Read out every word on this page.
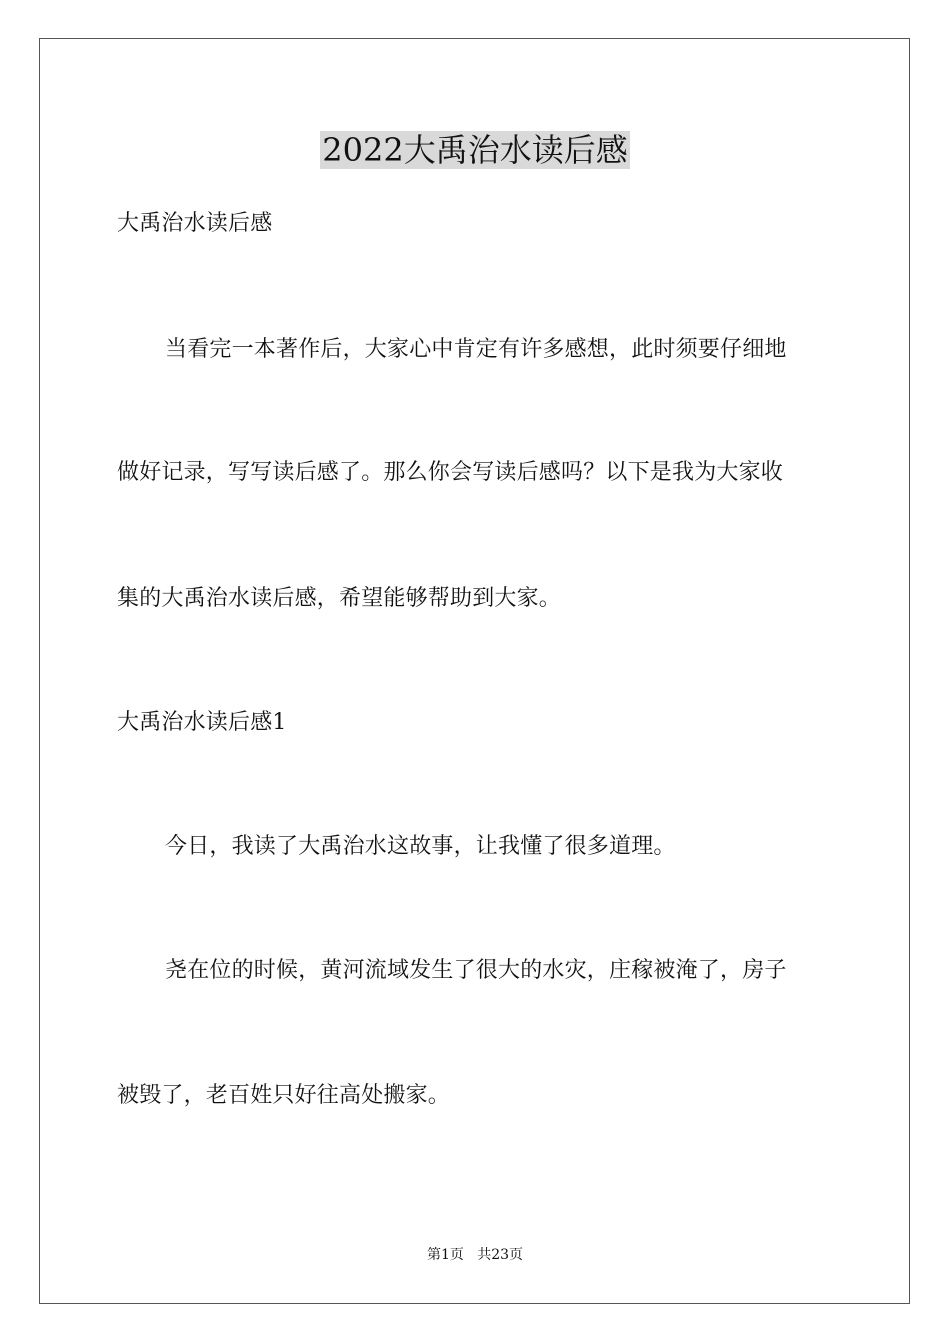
2022大禹治水读后感
大禹治水读后感
当看完一本著作后，大家心中肯定有许多感想，此时须要仔细地
做好记录，写写读后感了。那么你会写读后感吗？以下是我为大家收
集的大禹治水读后感，希望能够帮助到大家。
大禹治水读后感1
今日，我读了大禹治水这故事，让我懂了很多道理。
尧在位的时候，黄河流域发生了很大的水灾，庄稼被淹了，房子
被毁了，老百姓只好往高处搬家。
第1页   共23页
